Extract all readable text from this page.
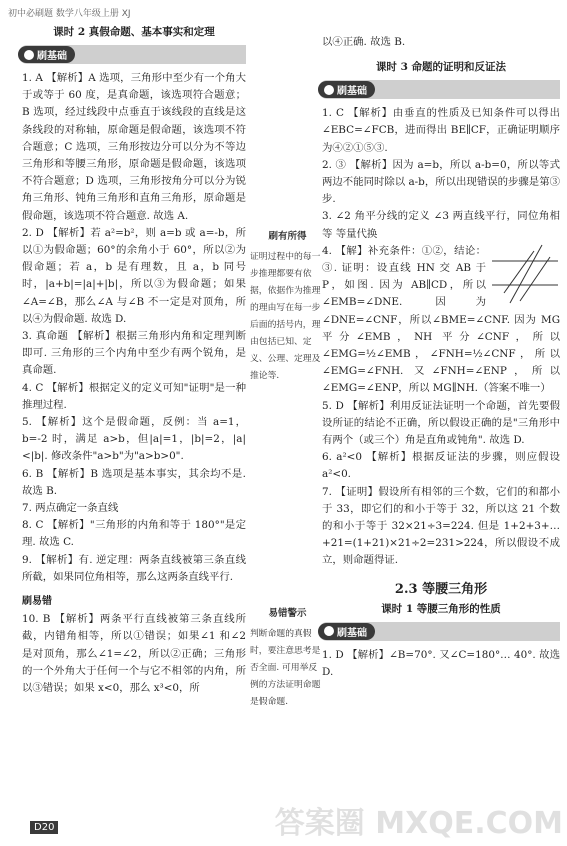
初中必刷题 数学八年级上册 XJ
课时 2 真假命题、基本事实和定理
刷基础

1. A 【解析】A 选项，三角形中至少有一个角大于或等于 60 度，是真命题，该选项符合题意；B 选项，经过线段中点垂直于该线段的直线是这条线段的对称轴，原命题是假命题，该选项不符合题意；C 选项，三角形按边分可以分为不等边三角形和等腰三角形，原命题是假命题，该选项不符合题意；D 选项，三角形按角分可以分为锐角三角形、钝角三角形和直角三角形，原命题是假命题，该选项不符合题意. 故选 A.

2. D 【解析】若 a²=b²，则 a=b 或 a=-b，所以①为假命题；60°的余角小于 60°，所以②为假命题；若 a，b 是有理数，且 a，b 同号时，|a+b|=|a|+|b|，所以③为假命题；如果∠A=∠B，那么∠A 与∠B 不一定是对顶角，所以④为假命题. 故选 D.

3. 真命题 【解析】根据三角形内角和定理判断即可. 三角形的三个内角中至少有两个锐角，是真命题.

4. C 【解析】根据定义的定义可知"证明"是一种推理过程.

5. 【解析】这个是假命题，反例：当 a=1，b=-2 时，满足 a>b，但|a|=1，|b|=2，|a|<|b|. 修改条件"a>b"为"a>b>0".

6. B 【解析】B 选项是基本事实，其余均不是. 故选 B.

7. 两点确定一条直线

8. C 【解析】"三角形的内角和等于 180°"是定理. 故选 C.

9. 【解析】有. 逆定理：两条直线被第三条直线所截，如果同位角相等，那么这两条直线平行.

刷易错

10. B 【解析】两条平行直线被第三条直线所截，内错角相等，所以①错误；如果∠1 和∠2 是对顶角，那么∠1=∠2，所以②正确；三角形的一个外角大于任何一个与它不相邻的内角，所以③错误；如果 x<0，那么 x³<0，所

刷有所得
证明过程中的每一步推理都要有依据，依据作为推理的理由写在每一步后面的括号内，理由包括已知、定义、公理、定理及推论等.
易错警示
判断命题的真假时，要注意思考是否全面. 可用举反例的方法证明命题是假命题.

以④正确. 故选 B.

课时 3 命题的证明和反证法
刷基础

1. C 【解析】由垂直的性质及已知条件可以得出∠EBC=∠FCB，进而得出 BE∥CF，正确证明顺序为④②①⑤③.

2. ③ 【解析】因为 a=b，所以 a-b=0，所以等式两边不能同时除以 a-b，所以出现错误的步骤是第③步.

3. ∠2 角平分线的定义 ∠3 两直线平行，同位角相等 等量代换

4. 【解】补充条件：①②，结论：③. 证明：设直线 HN 交 AB 于 P，如图. 因为 AB∥CD，所以∠EMB=∠DNE. 因为∠DNE=∠CNF，所以∠BME=∠CNF. 因为 MG 平分∠EMB，NH 平分∠CNF，所以∠EMG=½∠EMB，∠FNH=½∠CNF，所以∠EMG=∠FNH. 又∠FNH=∠ENP，所以∠EMG=∠ENP，所以 MG∥NH.（答案不唯一）

5. D 【解析】利用反证法证明一个命题，首先要假设所证的结论不正确，所以假设正确的是"三角形中有两个（或三个）角是直角或钝角". 故选 D.

6. a²<0 【解析】根据反证法的步骤，则应假设 a²<0.

7. 【证明】假设所有相邻的三个数，它们的和都小于 33，即它们的和小于等于 32，所以这 21 个数的和小于等于 32×21÷3=224. 但是 1+2+3+…+21=(1+21)×21÷2=231>224，所以假设不成立，则命题得证.

2.3 等腰三角形
课时 1 等腰三角形的性质
刷基础

1. D 【解析】∠B=70°. 又∠C=180°… 40°. 故选 D.

D20	答案圈 MXQE.COM
